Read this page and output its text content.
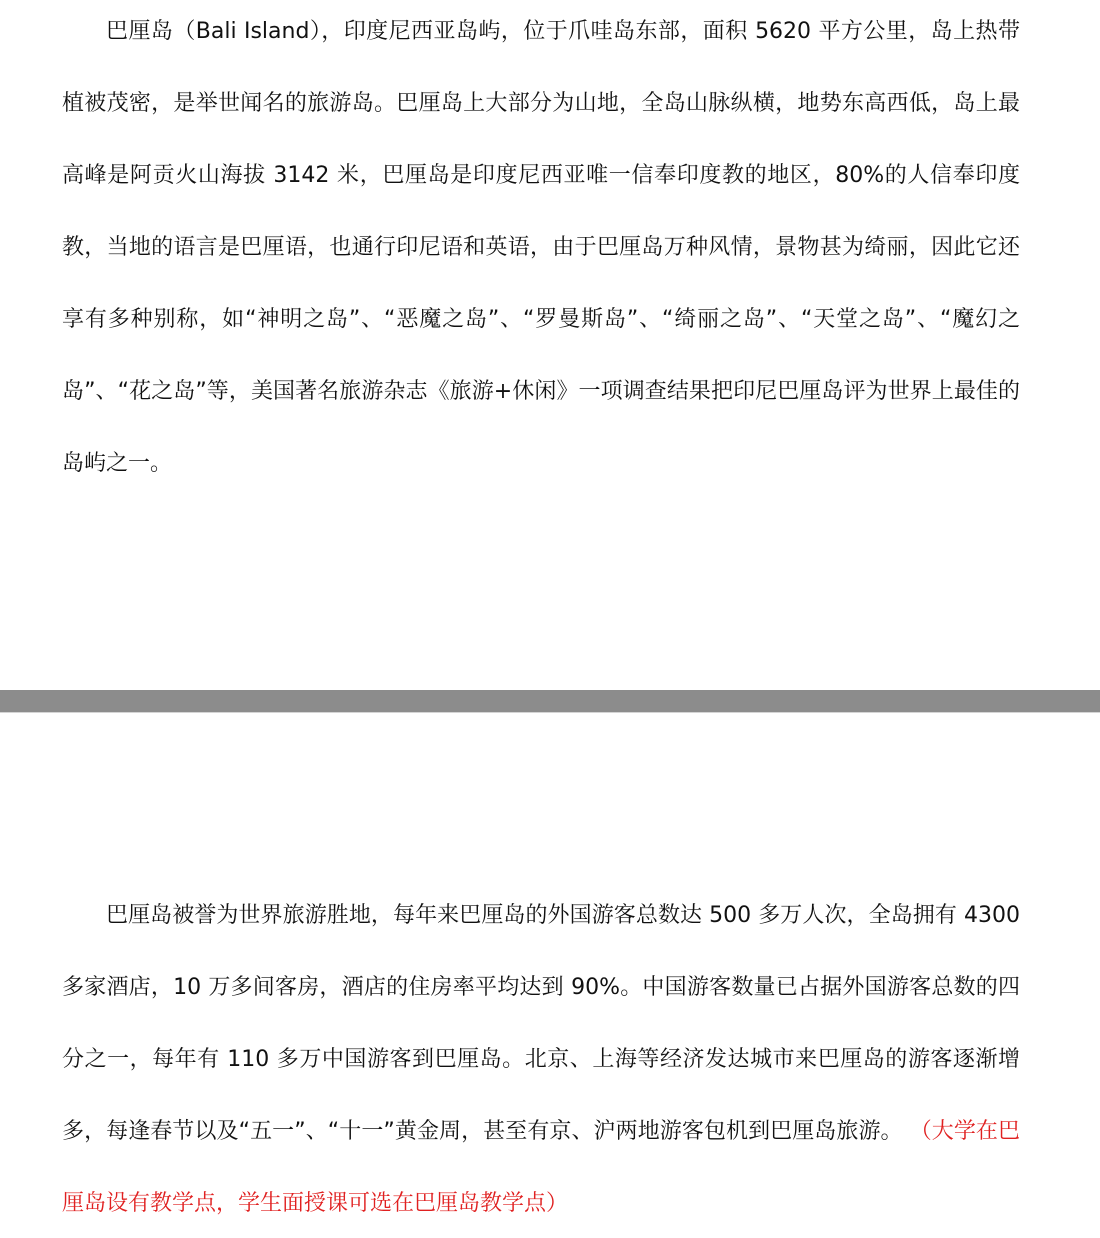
巴厘岛（Bali Island），印度尼西亚岛屿，位于爪哇岛东部，面积 5620 平方公里，岛上热带植被茂密，是举世闻名的旅游岛。巴厘岛上大部分为山地，全岛山脉纵横，地势东高西低，岛上最高峰是阿贡火山海拔 3142 米，巴厘岛是印度尼西亚唯一信奉印度教的地区，80%的人信奉印度教，当地的语言是巴厘语，也通行印尼语和英语，由于巴厘岛万种风情，景物甚为绮丽，因此它还享有多种别称，如“神明之岛”、“恶魔之岛”、“罗曼斯岛”、“绮丽之岛”、“天堂之岛”、“魔幻之岛”、“花之岛”等，美国著名旅游杂志《旅游+休闲》一项调查结果把印尼巴厘岛评为世界上最佳的岛屿之一。

巴厘岛被誉为世界旅游胜地，每年来巴厘岛的外国游客总数达 500 多万人次，全岛拥有 4300 多家酒店，10 万多间客房，酒店的住房率平均达到 90%。中国游客数量已占据外国游客总数的四分之一，每年有 110 多万中国游客到巴厘岛。北京、上海等经济发达城市来巴厘岛的游客逐渐增多，每逢春节以及“五一”、“十一”黄金周，甚至有京、沪两地游客包机到巴厘岛旅游。 （大学在巴厘岛设有教学点，学生面授课可选在巴厘岛教学点）
